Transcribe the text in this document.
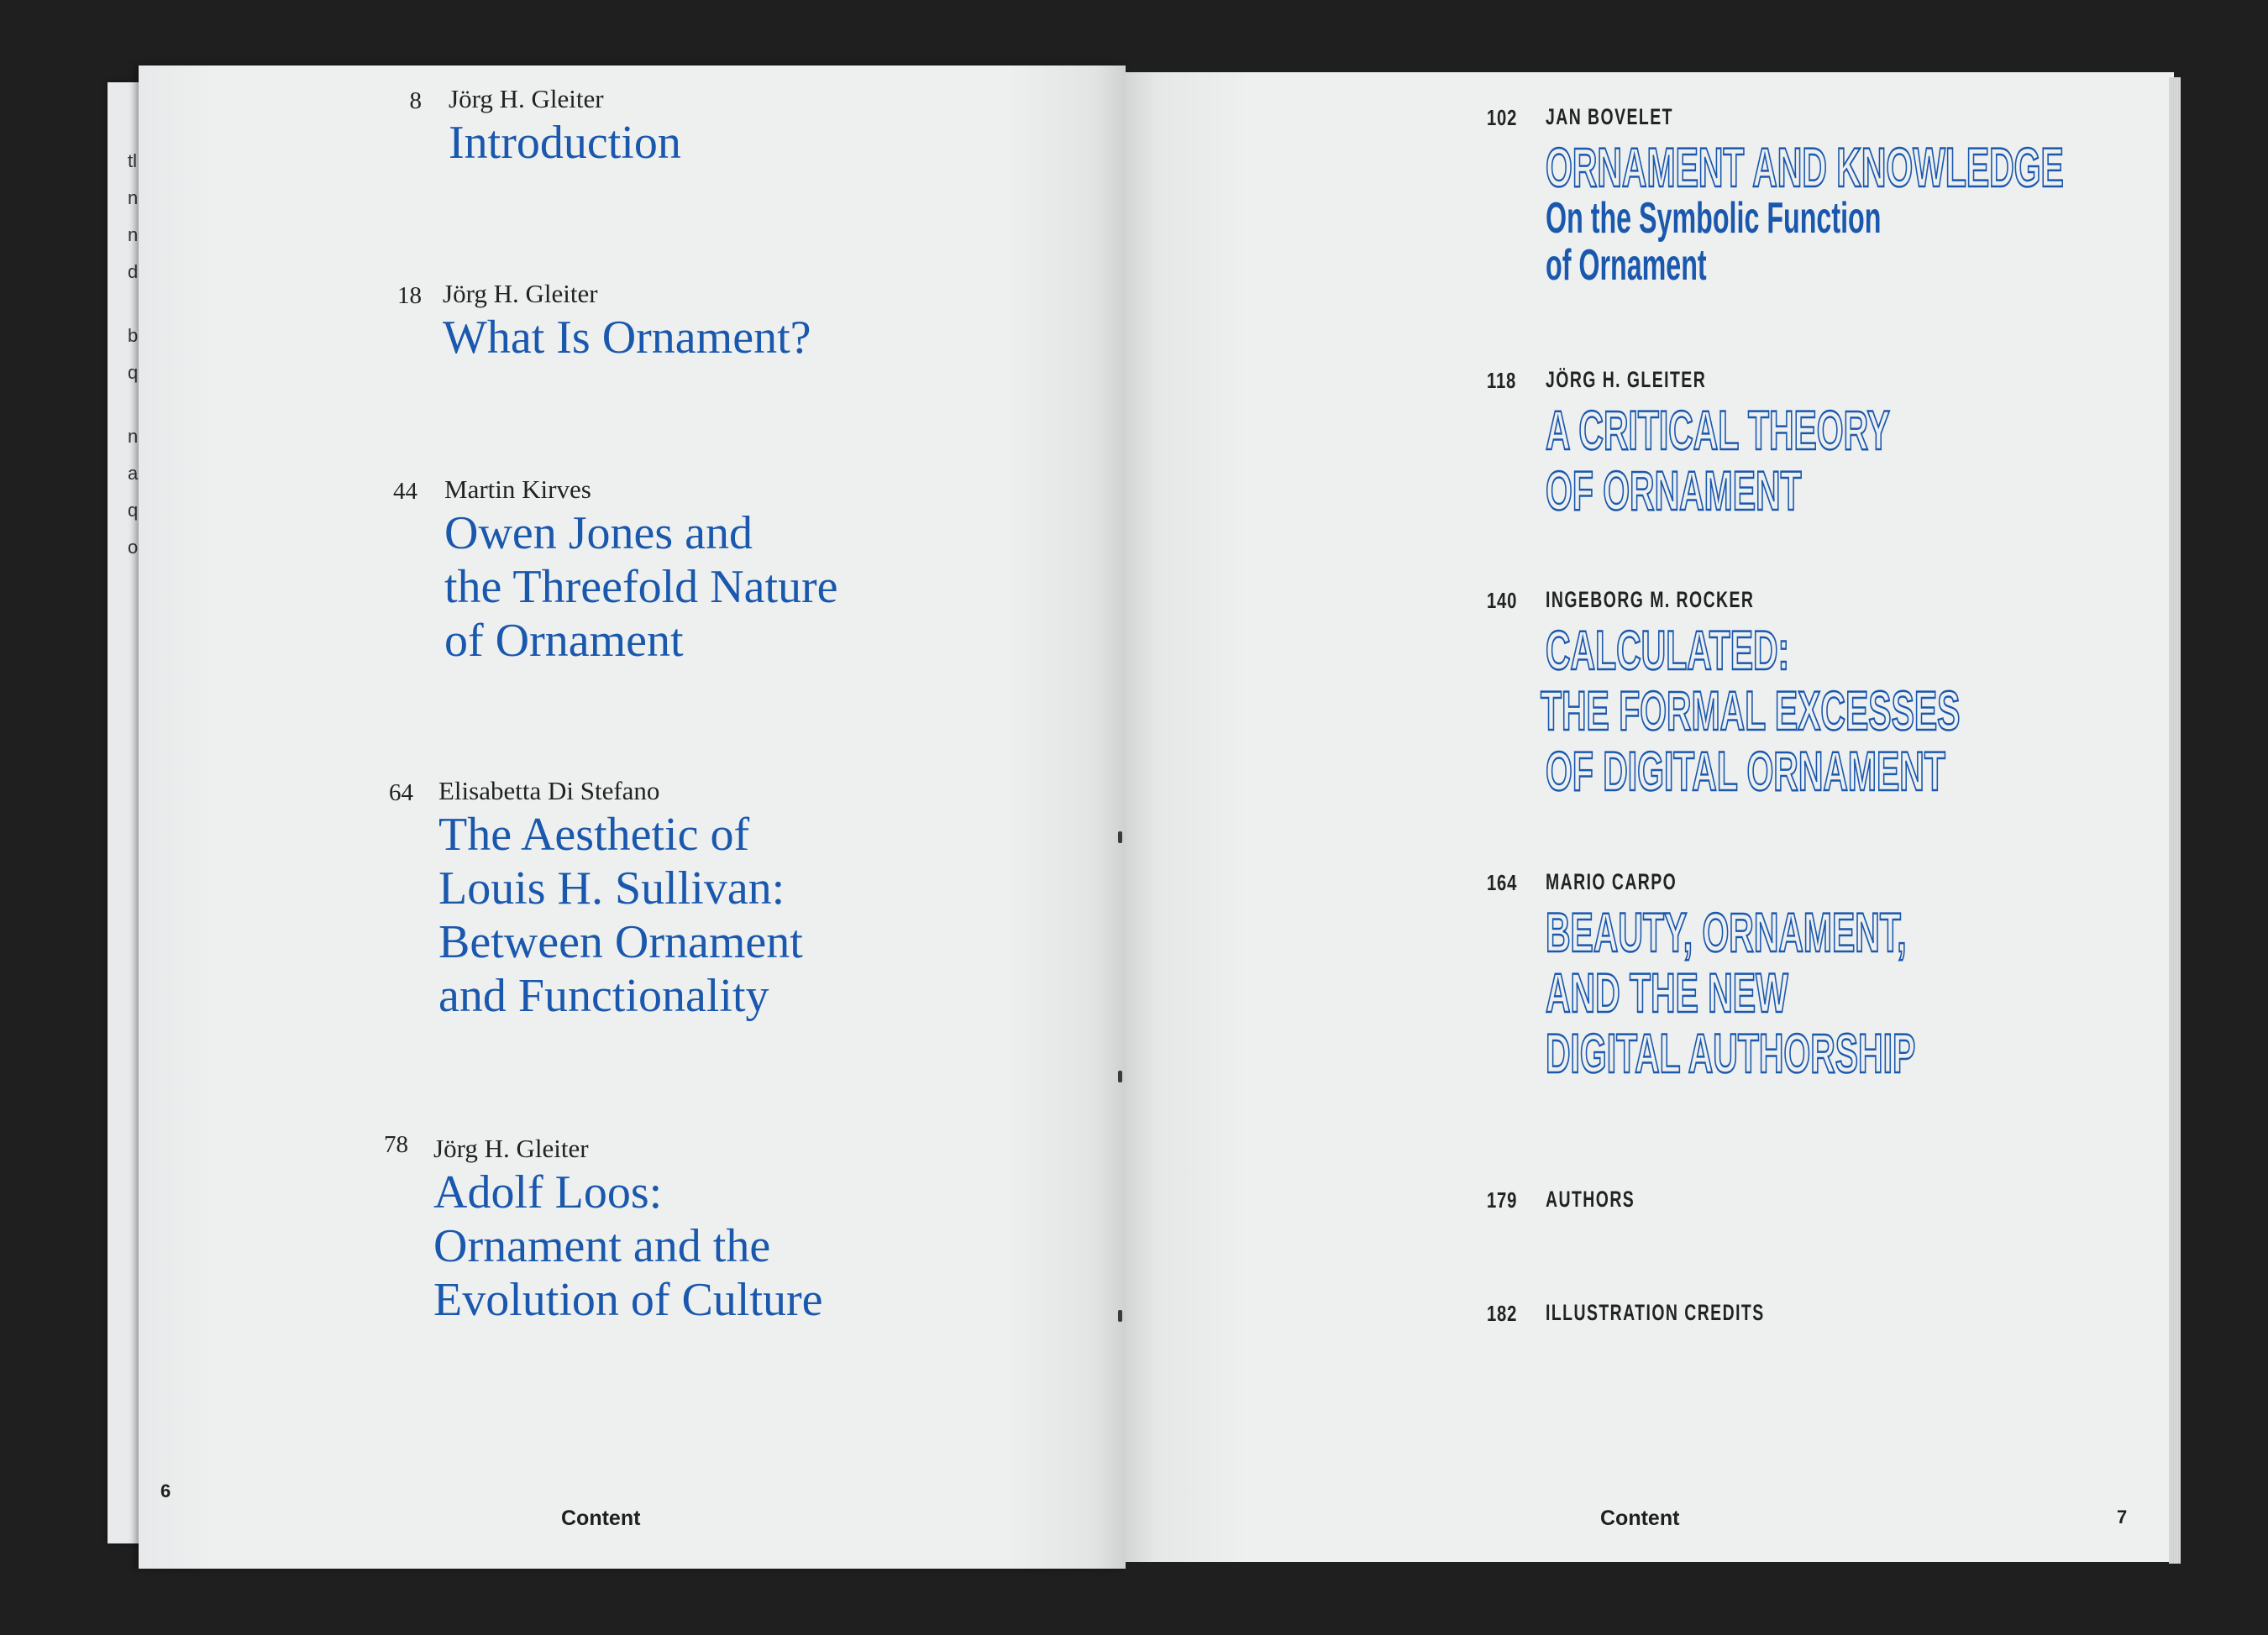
tl
n
n
d
b
q
n
a
q
o
8 Jörg H. Gleiter
Introduction
18 Jörg H. Gleiter
What Is Ornament?
44 Martin Kirves
Owen Jones and
the Threefold Nature
of Ornament
64 Elisabetta Di Stefano
The Aesthetic of
Louis H. Sullivan:
Between Ornament
and Functionality
78 Jörg H. Gleiter
Adolf Loos:
Ornament and the
Evolution of Culture
6
Content
102 JAN BOVELET
ORNAMENT AND KNOWLEDGE
On the Symbolic Function
of Ornament
118 JÖRG H. GLEITER
A CRITICAL THEORY
OF ORNAMENT
140 INGEBORG M. ROCKER
CALCULATED:
THE FORMAL EXCESSES
OF DIGITAL ORNAMENT
164 MARIO CARPO
BEAUTY, ORNAMENT,
AND THE NEW
DIGITAL AUTHORSHIP
179 AUTHORS
182 ILLUSTRATION CREDITS
Content	7
